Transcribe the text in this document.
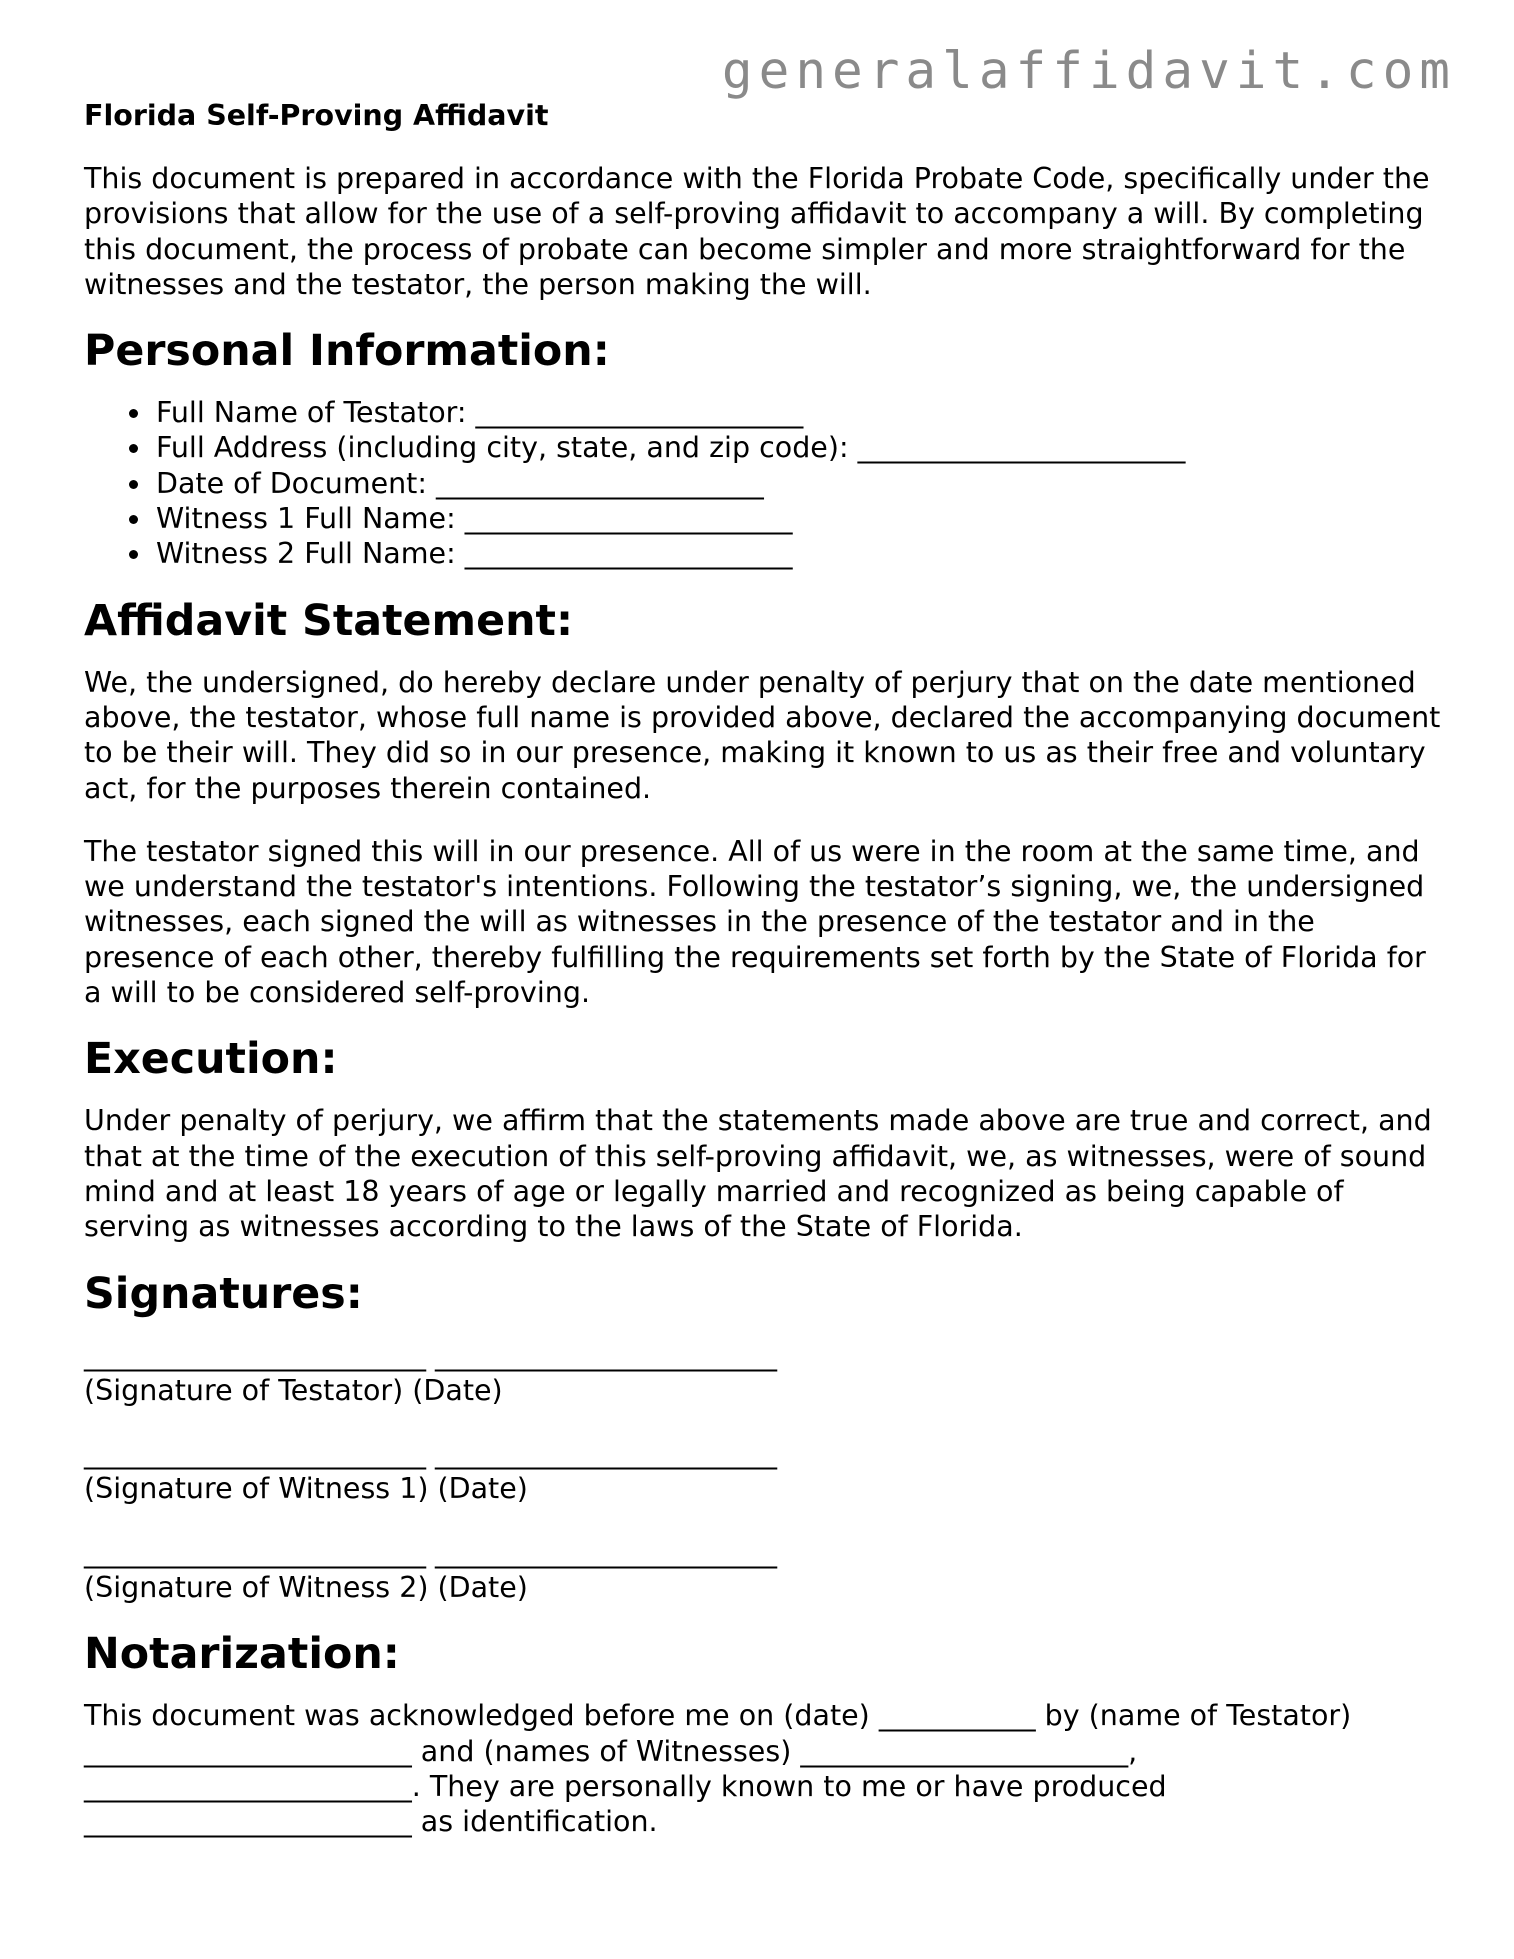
generalaffidavit.com
Florida Self-Proving Affidavit

This document is prepared in accordance with the Florida Probate Code, specifically under the provisions that allow for the use of a self-proving affidavit to accompany a will. By completing this document, the process of probate can become simpler and more straightforward for the witnesses and the testator, the person making the will.

Personal Information:
Full Name of Testator: _______________________
Full Address (including city, state, and zip code): _______________________
Date of Document: _______________________
Witness 1 Full Name: _______________________
Witness 2 Full Name: _______________________
Affidavit Statement:

We, the undersigned, do hereby declare under penalty of perjury that on the date mentioned above, the testator, whose full name is provided above, declared the accompanying document to be their will. They did so in our presence, making it known to us as their free and voluntary act, for the purposes therein contained.

The testator signed this will in our presence. All of us were in the room at the same time, and we understand the testator's intentions. Following the testator’s signing, we, the undersigned witnesses, each signed the will as witnesses in the presence of the testator and in the presence of each other, thereby fulfilling the requirements set forth by the State of Florida for a will to be considered self-proving.

Execution:

Under penalty of perjury, we affirm that the statements made above are true and correct, and that at the time of the execution of this self-proving affidavit, we, as witnesses, were of sound mind and at least 18 years of age or legally married and recognized as being capable of serving as witnesses according to the laws of the State of Florida.

Signatures:
________________________ ________________________
(Signature of Testator) (Date)
________________________ ________________________
(Signature of Witness 1) (Date)
________________________ ________________________
(Signature of Witness 2) (Date)
Notarization:
This document was acknowledged before me on (date) ___________ by (name of Testator)
_______________________ and (names of Witnesses) _______________________,
_______________________. They are personally known to me or have produced
_______________________ as identification.
